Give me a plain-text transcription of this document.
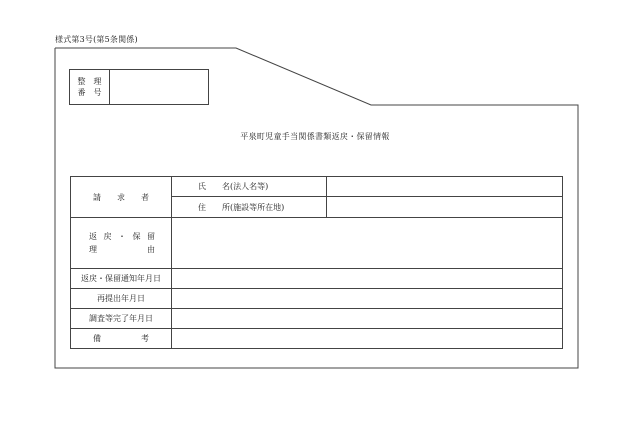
様式第3号(第5条関係)
整　理
番　号
平泉町児童手当関係書類返戻・保留情報
請　　求　　者	氏　　名(法人名等)	
	住　　所(施設等所在地)	

返戻・保留
理　　　　由		

返戻・保留通知年月日		
再提出年月日		
調査等完了年月日		
備　　　　　考		
